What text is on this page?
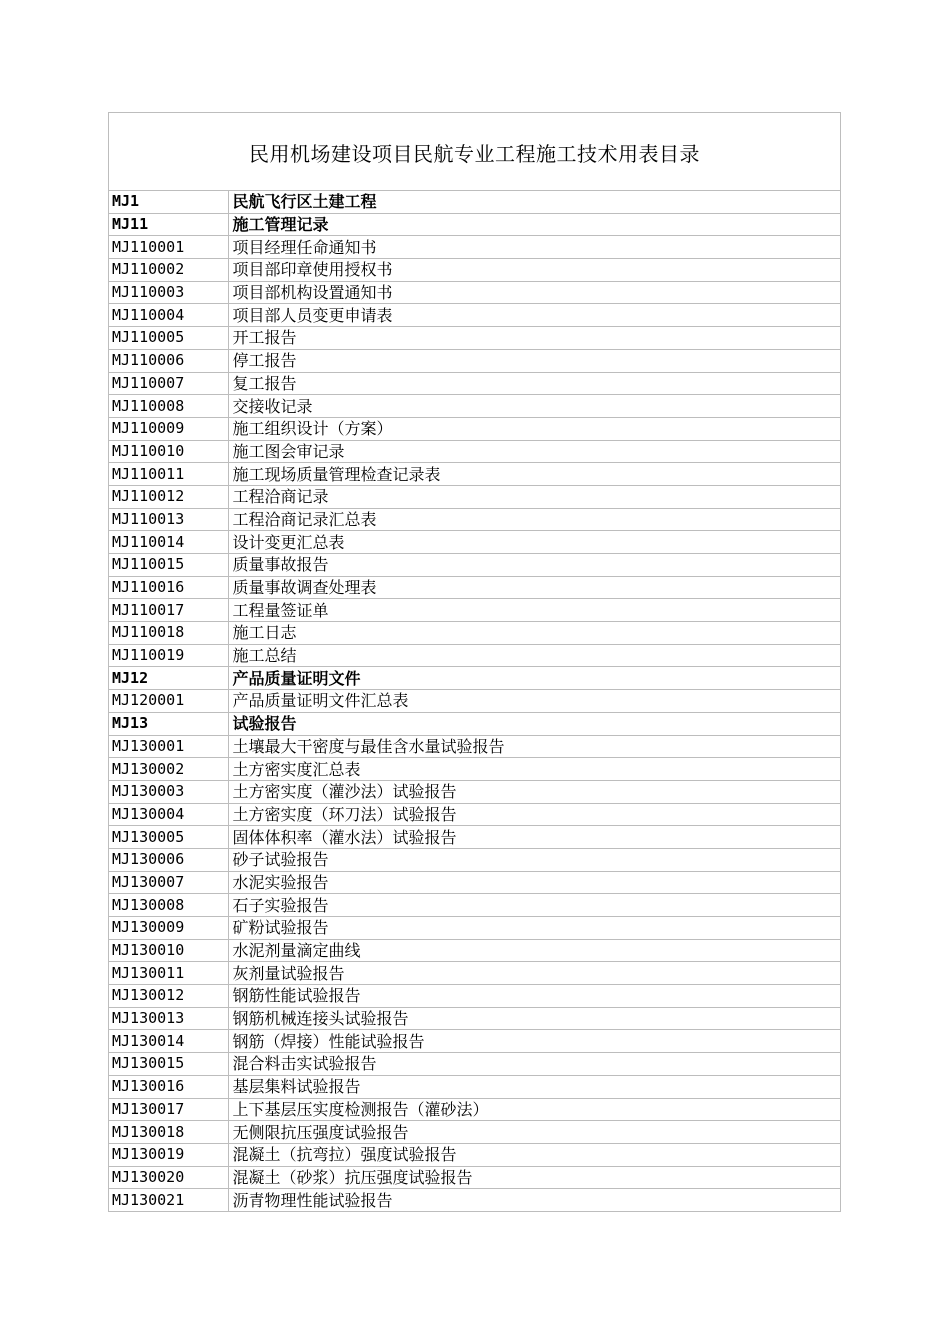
民用机场建设项目民航专业工程施工技术用表目录
MJ1	民航飞行区土建工程
MJ11	施工管理记录
MJ110001	项目经理任命通知书
MJ110002	项目部印章使用授权书
MJ110003	项目部机构设置通知书
MJ110004	项目部人员变更申请表
MJ110005	开工报告
MJ110006	停工报告
MJ110007	复工报告
MJ110008	交接收记录
MJ110009	施工组织设计（方案）
MJ110010	施工图会审记录
MJ110011	施工现场质量管理检查记录表
MJ110012	工程洽商记录
MJ110013	工程洽商记录汇总表
MJ110014	设计变更汇总表
MJ110015	质量事故报告
MJ110016	质量事故调查处理表
MJ110017	工程量签证单
MJ110018	施工日志
MJ110019	施工总结
MJ12	产品质量证明文件
MJ120001	产品质量证明文件汇总表
MJ13	试验报告
MJ130001	土壤最大干密度与最佳含水量试验报告
MJ130002	土方密实度汇总表
MJ130003	土方密实度（灌沙法）试验报告
MJ130004	土方密实度（环刀法）试验报告
MJ130005	固体体积率（灌水法）试验报告
MJ130006	砂子试验报告
MJ130007	水泥实验报告
MJ130008	石子实验报告
MJ130009	矿粉试验报告
MJ130010	水泥剂量滴定曲线
MJ130011	灰剂量试验报告
MJ130012	钢筋性能试验报告
MJ130013	钢筋机械连接头试验报告
MJ130014	钢筋（焊接）性能试验报告
MJ130015	混合料击实试验报告
MJ130016	基层集料试验报告
MJ130017	上下基层压实度检测报告（灌砂法）
MJ130018	无侧限抗压强度试验报告
MJ130019	混凝土（抗弯拉）强度试验报告
MJ130020	混凝土（砂浆）抗压强度试验报告
MJ130021	沥青物理性能试验报告
